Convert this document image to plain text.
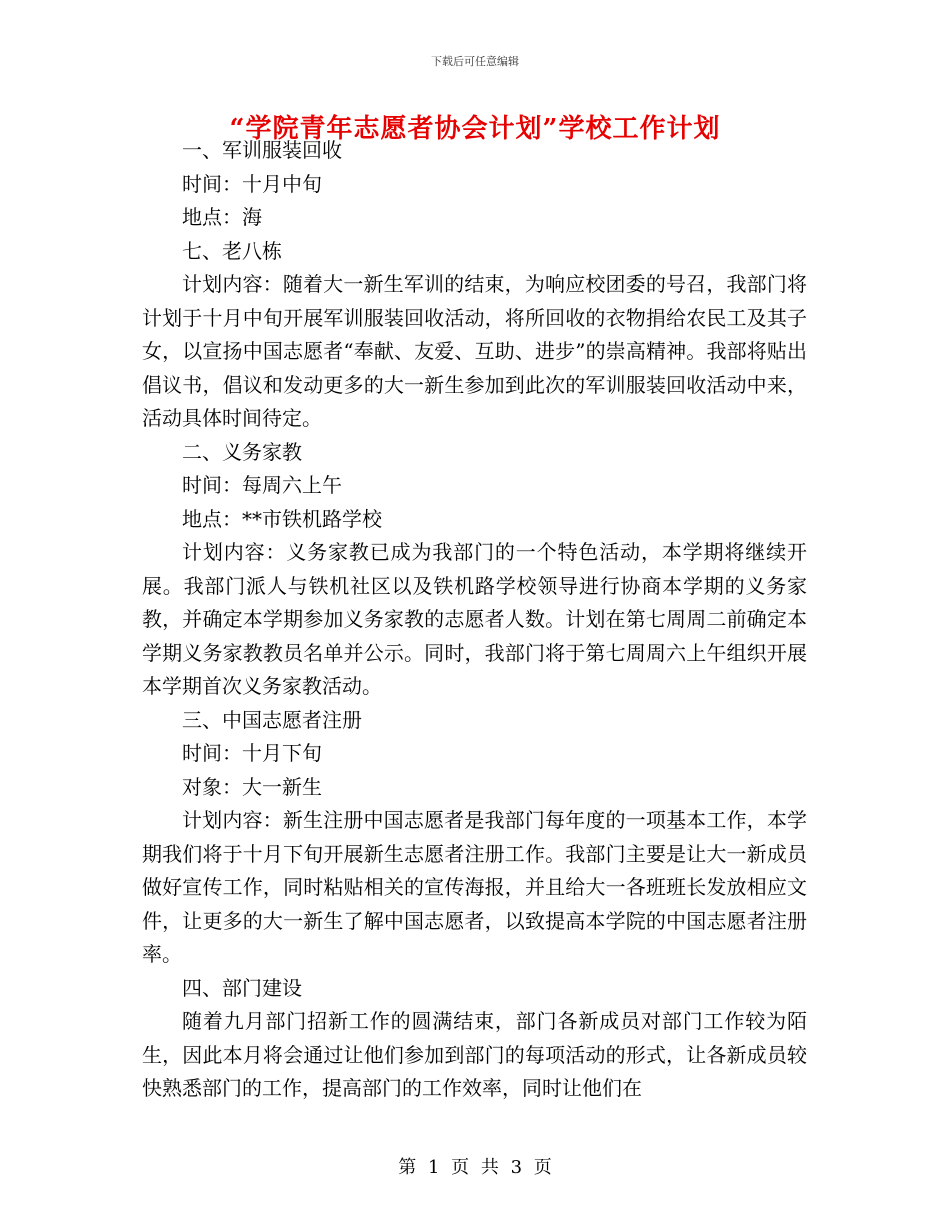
下载后可任意编辑
“学院青年志愿者协会计划”学校工作计划

一、军训服装回收

时间：十月中旬

地点：海

七、老八栋

计划内容：随着大一新生军训的结束，为响应校团委的号召，我部门将计划于十月中旬开展军训服装回收活动，将所回收的衣物捐给农民工及其子女，以宣扬中国志愿者“奉献、友爱、互助、进步”的崇高精神。我部将贴出倡议书，倡议和发动更多的大一新生参加到此次的军训服装回收活动中来，活动具体时间待定。

二、义务家教

时间：每周六上午

地点：**市铁机路学校

计划内容：义务家教已成为我部门的一个特色活动，本学期将继续开展。我部门派人与铁机社区以及铁机路学校领导进行协商本学期的义务家教，并确定本学期参加义务家教的志愿者人数。计划在第七周周二前确定本学期义务家教教员名单并公示。同时，我部门将于第七周周六上午组织开展本学期首次义务家教活动。

三、中国志愿者注册

时间：十月下旬

对象：大一新生

计划内容：新生注册中国志愿者是我部门每年度的一项基本工作，本学期我们将于十月下旬开展新生志愿者注册工作。我部门主要是让大一新成员做好宣传工作，同时粘贴相关的宣传海报，并且给大一各班班长发放相应文件，让更多的大一新生了解中国志愿者，以致提高本学院的中国志愿者注册率。

四、部门建设

随着九月部门招新工作的圆满结束，部门各新成员对部门工作较为陌生，因此本月将会通过让他们参加到部门的每项活动的形式，让各新成员较快熟悉部门的工作，提高部门的工作效率，同时让他们在

第 1 页 共 3 页
